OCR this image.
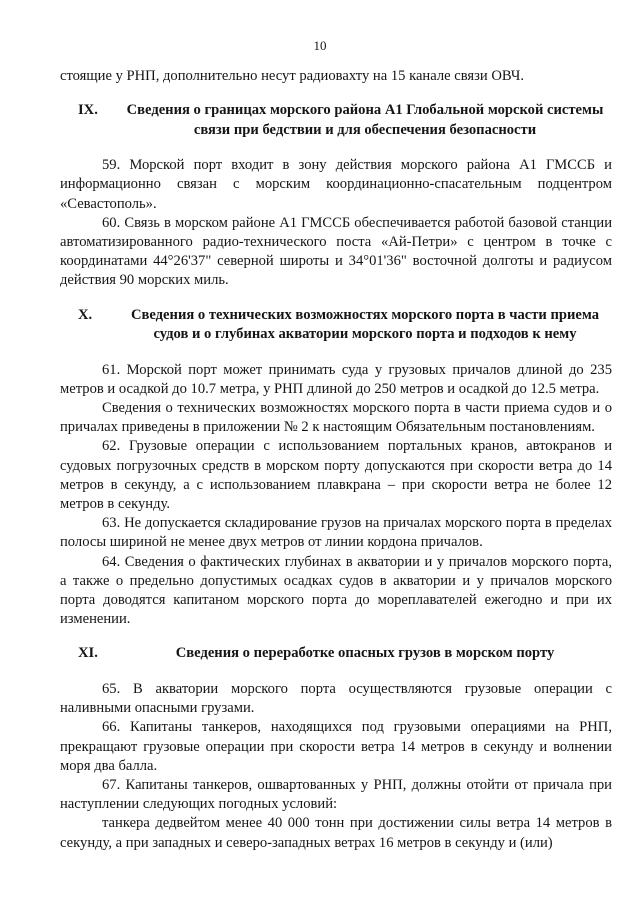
10

стоящие у РНП, дополнительно несут радиовахту на 15 канале связи ОВЧ.

IX.	Сведения о границах морского района А1 Глобальной морской системы связи при бедствии и для обеспечения безопасности

59. Морской порт входит в зону действия морского района А1 ГМССБ и информационно связан с морским координационно-спасательным подцентром «Севастополь».

60. Связь в морском районе А1 ГМССБ обеспечивается работой базовой станции автоматизированного радио-технического поста «Ай-Петри» с центром в точке с координатами 44°26'37" северной широты и 34°01'36" восточной долготы и радиусом действия 90 морских миль.

X.	Сведения о технических возможностях морского порта в части приема судов и о глубинах акватории морского порта и подходов к нему

61. Морской порт может принимать суда у грузовых причалов длиной до 235 метров и осадкой до 10.7 метра, у РНП длиной до 250 метров и осадкой до 12.5 метра.

Сведения о технических возможностях морского порта в части приема судов и о причалах приведены в приложении № 2 к настоящим Обязательным постановлениям.

62. Грузовые операции с использованием портальных кранов, автокранов и судовых погрузочных средств в морском порту допускаются при скорости ветра до 14 метров в секунду, а с использованием плавкрана – при скорости ветра не более 12 метров в секунду.

63. Не допускается складирование грузов на причалах морского порта в пределах полосы шириной не менее двух метров от линии кордона причалов.

64. Сведения о фактических глубинах в акватории и у причалов морского порта, а также о предельно допустимых осадках судов в акватории и у причалов морского порта доводятся капитаном морского порта до мореплавателей ежегодно и при их изменении.

XI.	Сведения о переработке опасных грузов в морском порту

65. В акватории морского порта осуществляются грузовые операции с наливными опасными грузами.

66. Капитаны танкеров, находящихся под грузовыми операциями на РНП, прекращают грузовые операции при скорости ветра 14 метров в секунду и волнении моря два балла.

67. Капитаны танкеров, ошвартованных у РНП, должны отойти от причала при наступлении следующих погодных условий:

танкера дедвейтом менее 40 000 тонн при достижении силы ветра 14 метров в секунду, а при западных и северо-западных ветрах 16 метров в секунду и (или)
